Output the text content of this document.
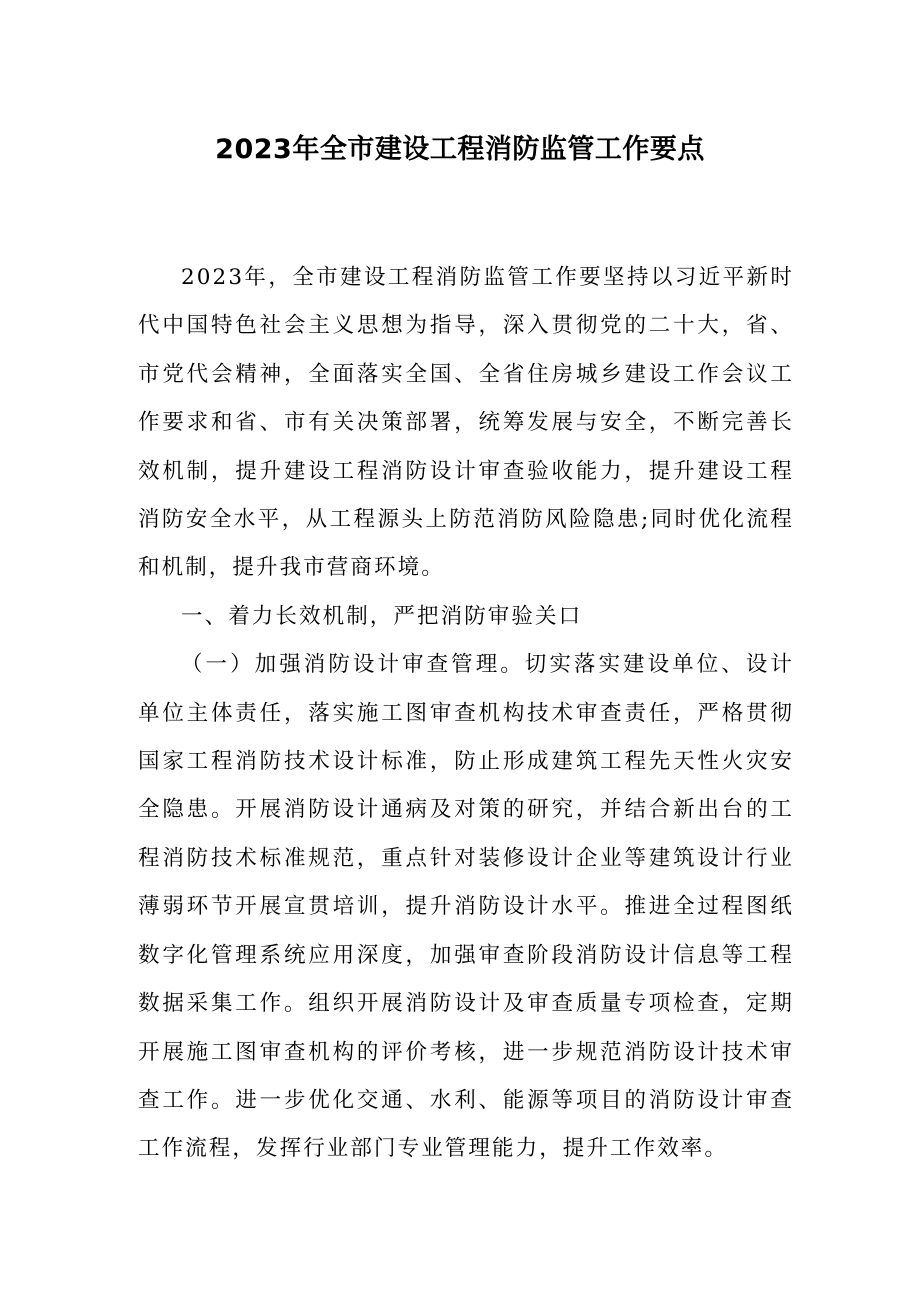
2023年全市建设工程消防监管工作要点

2023年，全市建设工程消防监管工作要坚持以习近平新时代中国特色社会主义思想为指导，深入贯彻党的二十大，省、市党代会精神，全面落实全国、全省住房城乡建设工作会议工作要求和省、市有关决策部署，统筹发展与安全，不断完善长效机制，提升建设工程消防设计审查验收能力，提升建设工程消防安全水平，从工程源头上防范消防风险隐患;同时优化流程和机制，提升我市营商环境。

一、着力长效机制，严把消防审验关口

（一）加强消防设计审查管理。切实落实建设单位、设计单位主体责任，落实施工图审查机构技术审查责任，严格贯彻国家工程消防技术设计标准，防止形成建筑工程先天性火灾安全隐患。开展消防设计通病及对策的研究，并结合新出台的工程消防技术标准规范，重点针对装修设计企业等建筑设计行业薄弱环节开展宣贯培训，提升消防设计水平。推进全过程图纸数字化管理系统应用深度，加强审查阶段消防设计信息等工程数据采集工作。组织开展消防设计及审查质量专项检查，定期开展施工图审查机构的评价考核，进一步规范消防设计技术审查工作。进一步优化交通、水利、能源等项目的消防设计审查工作流程，发挥行业部门专业管理能力，提升工作效率。
